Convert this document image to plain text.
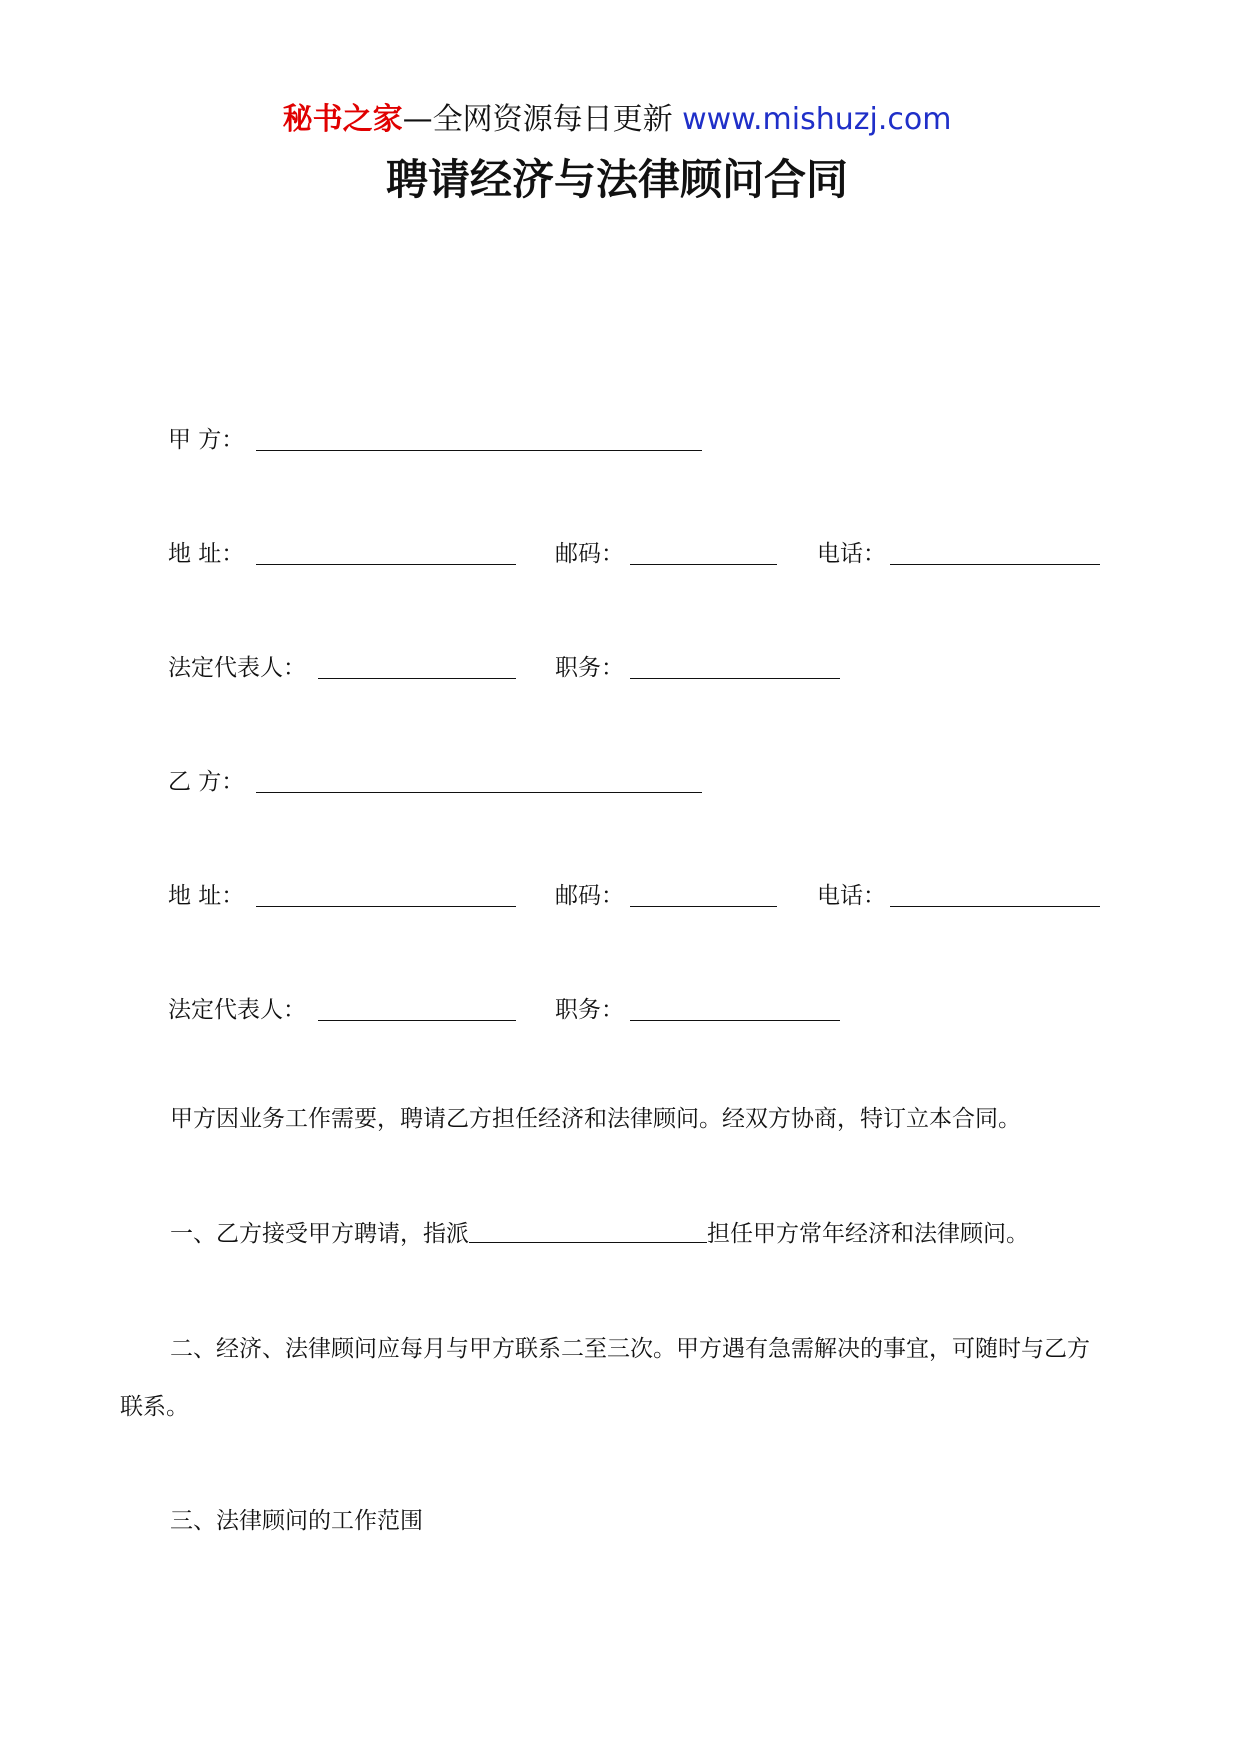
秘书之家—全网资源每日更新 www.mishuzj.com
聘请经济与法律顾问合同
甲 方：
地 址：	邮码：	电话：
法定代表人：	职务：
乙 方：
地 址：	邮码：	电话：
法定代表人：	职务：
甲方因业务工作需要，聘请乙方担任经济和法律顾问。经双方协商，特订立本合同。
一、乙方接受甲方聘请，指派	担任甲方常年经济和法律顾问。
二、经济、法律顾问应每月与甲方联系二至三次。甲方遇有急需解决的事宜，可随时与乙方联系。
三、法律顾问的工作范围
